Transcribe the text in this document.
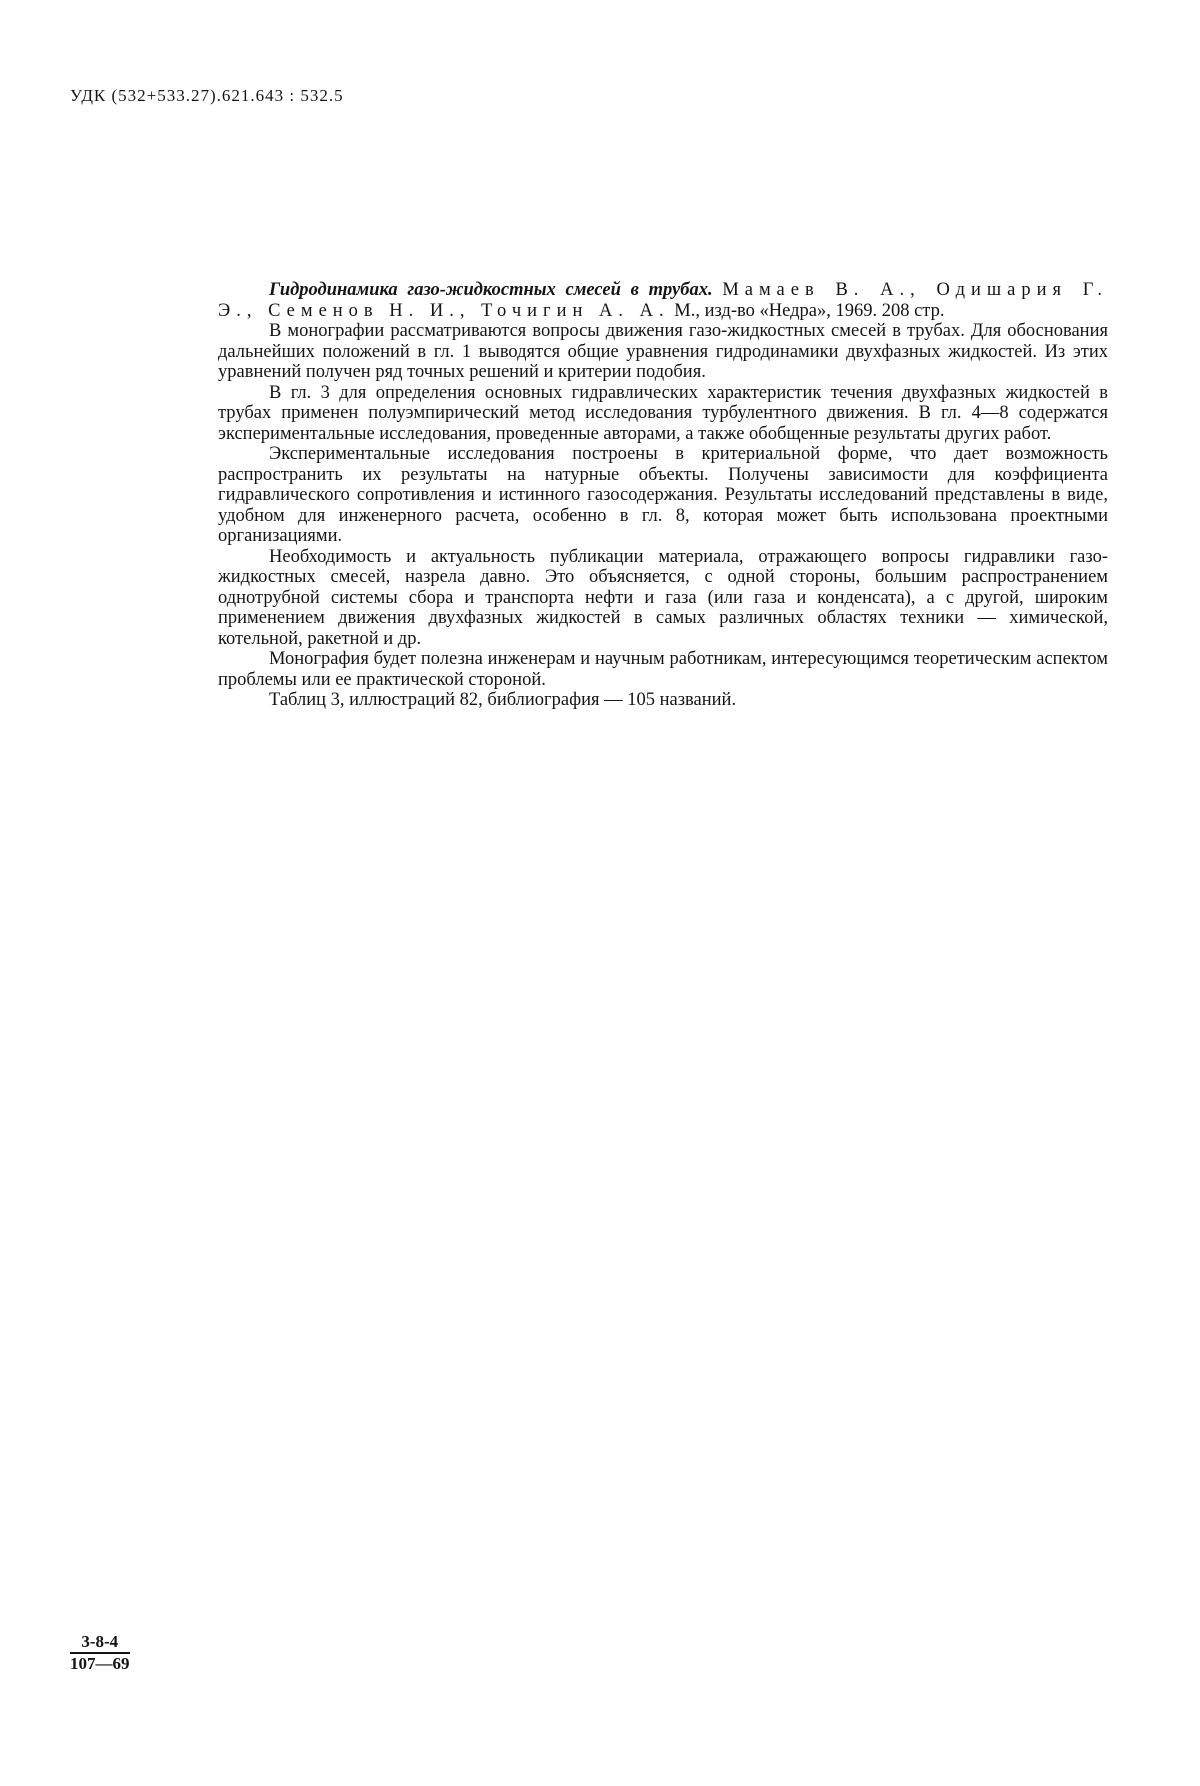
УДК (532+533.27).621.643 : 532.5

Гидродинамика газо-жидкостных смесей в трубах. Мамаев В. А., Одишария Г. Э., Семенов Н. И., Точигин А. А. М., изд-во «Недра», 1969. 208 стр.

В монографии рассматриваются вопросы движения газо-жидкостных смесей в трубах. Для обоснования дальнейших положений в гл. 1 выводятся общие уравнения гидродинамики двухфазных жидкостей. Из этих уравнений получен ряд точных решений и критерии подобия.

В гл. 3 для определения основных гидравлических характеристик течения двухфазных жидкостей в трубах применен полуэмпирический метод исследования турбулентного движения. В гл. 4—8 содержатся экспериментальные исследования, проведенные авторами, а также обобщенные результаты других работ.

Экспериментальные исследования построены в критериальной форме, что дает возможность распространить их результаты на натурные объекты. Получены зависимости для коэффициента гидравлического сопротивления и истинного газосодержания. Результаты исследований представлены в виде, удобном для инженерного расчета, особенно в гл. 8, которая может быть использована проектными организациями.

Необходимость и актуальность публикации материала, отражающего вопросы гидравлики газо-жидкостных смесей, назрела давно. Это объясняется, с одной стороны, большим распространением однотрубной системы сбора и транспорта нефти и газа (или газа и конденсата), а с другой, широким применением движения двухфазных жидкостей в самых различных областях техники — химической, котельной, ракетной и др.

Монография будет полезна инженерам и научным работникам, интересующимся теоретическим аспектом проблемы или ее практической стороной.

Таблиц 3, иллюстраций 82, библиография — 105 названий.

3-8-4
107—69
